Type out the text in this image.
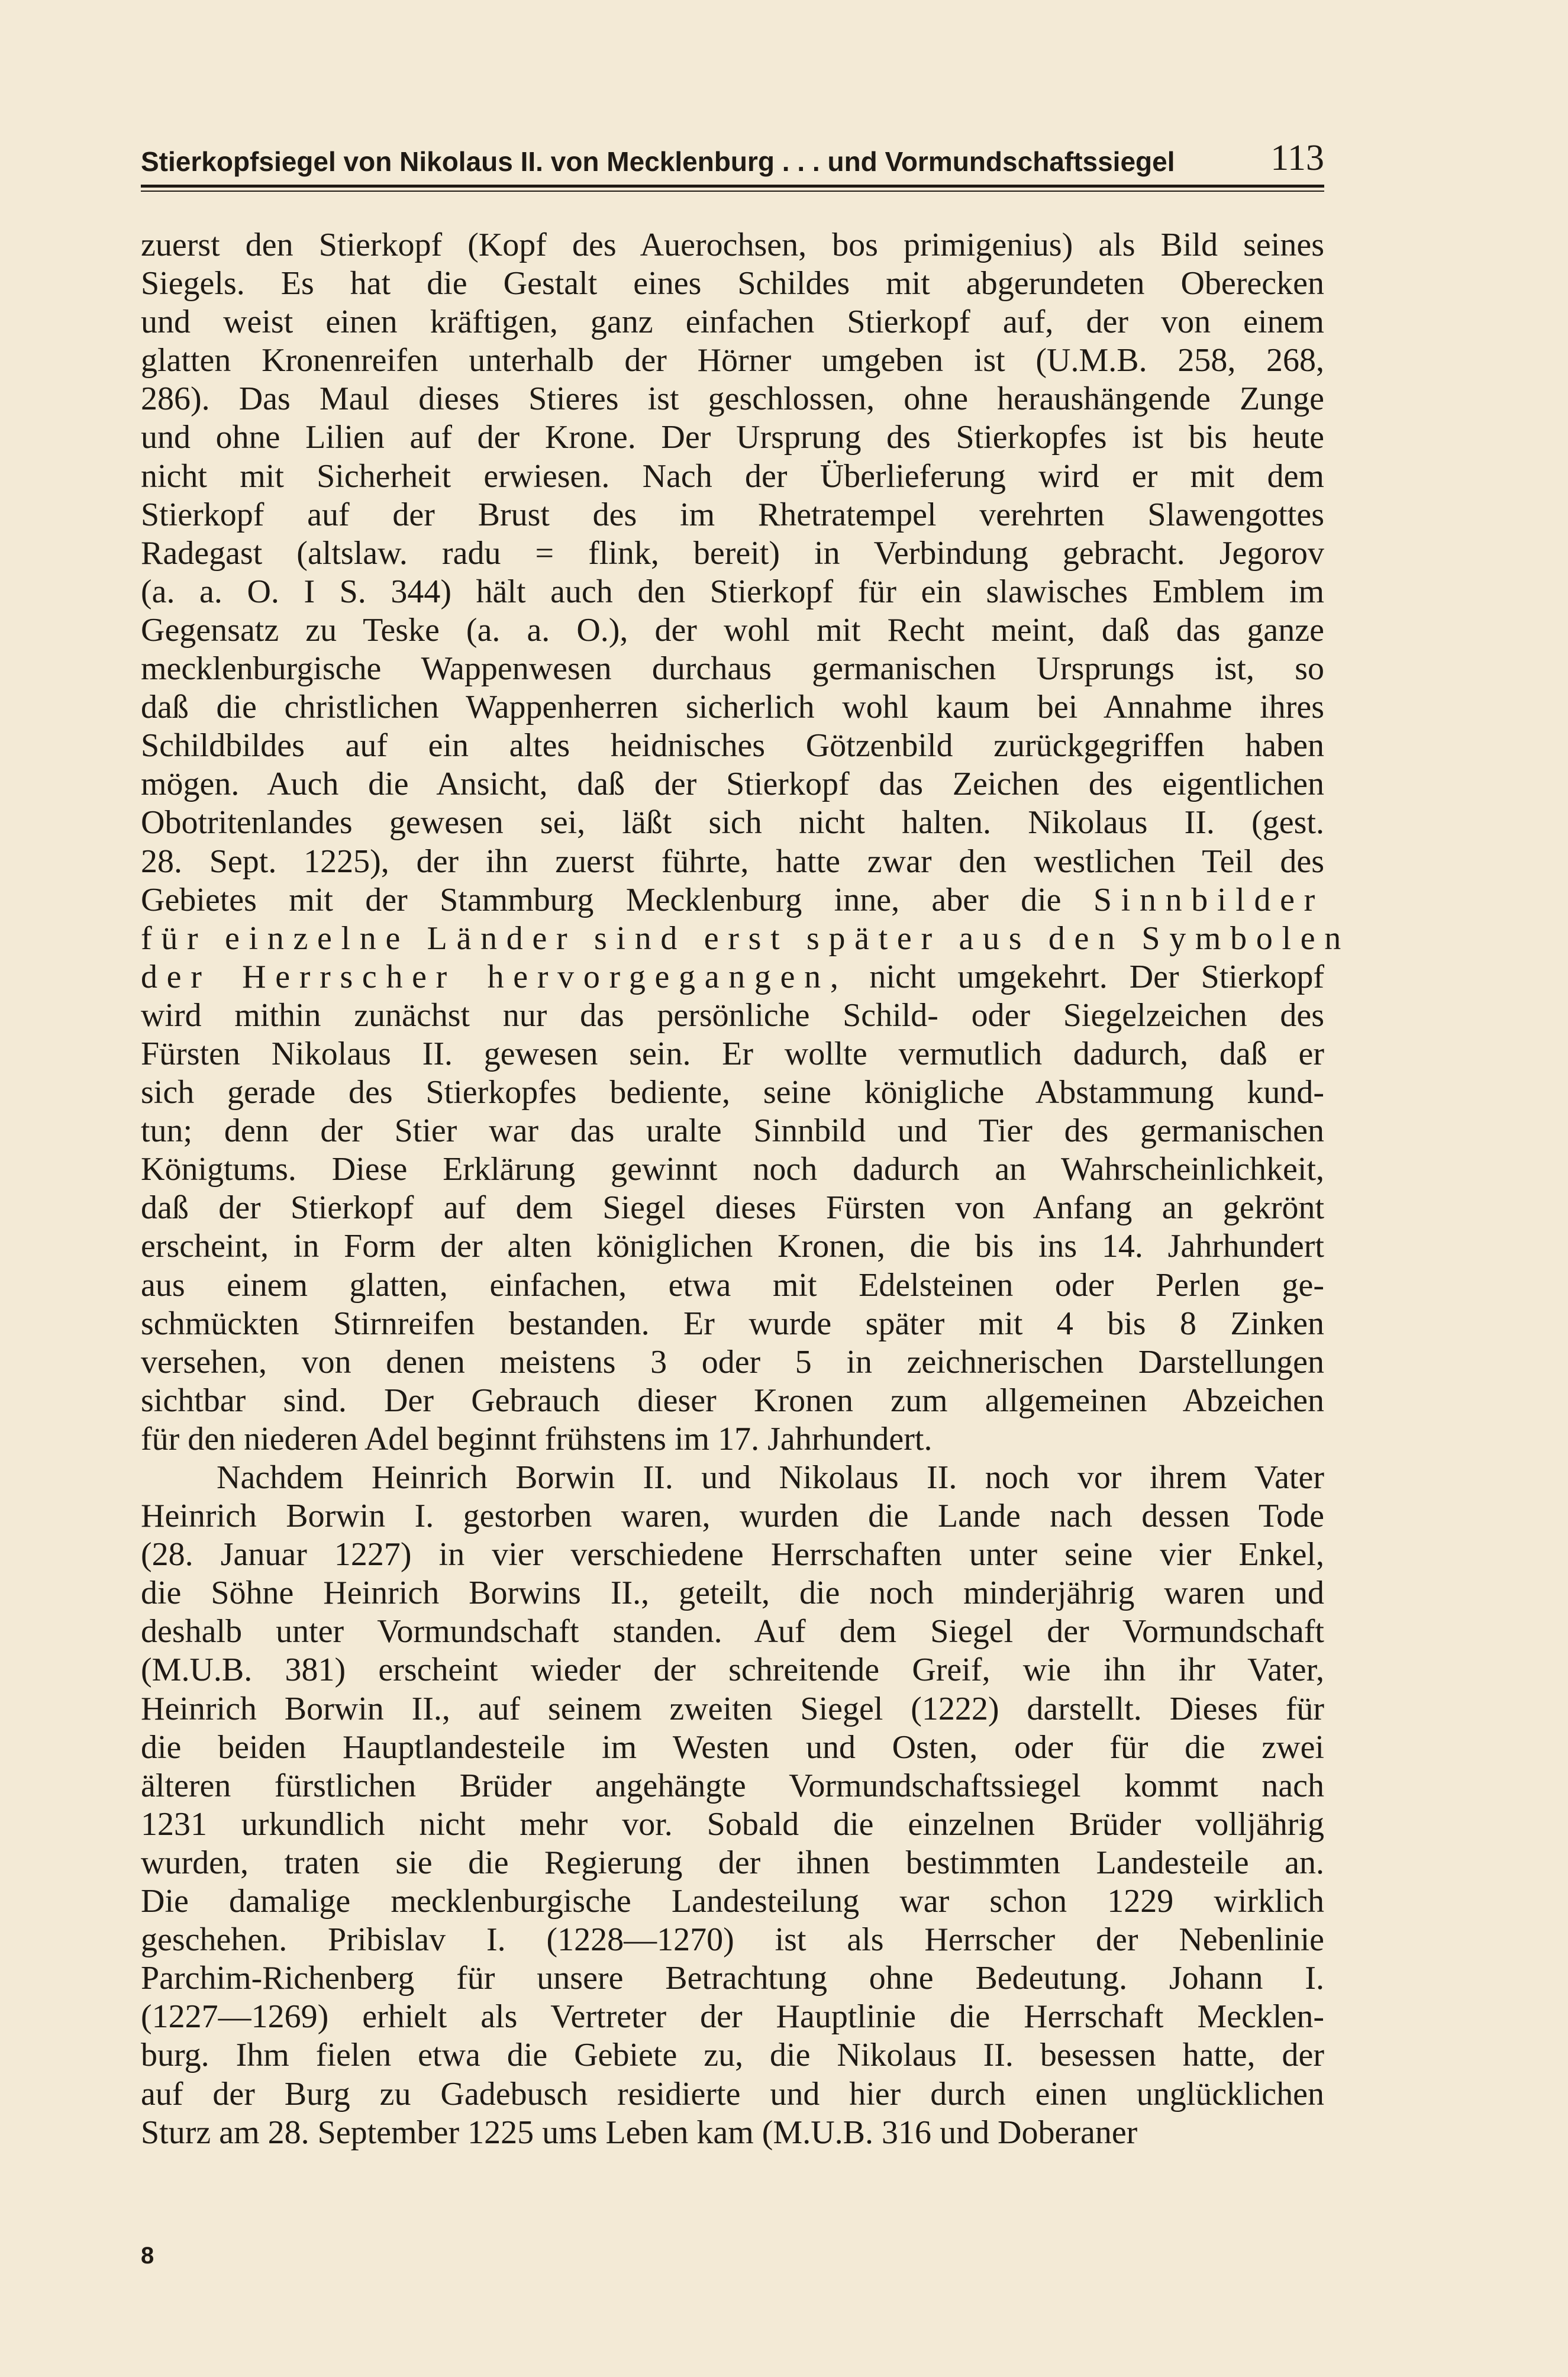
Stierkopfsiegel von Nikolaus II. von Mecklenburg . . . und Vormundschaftssiegel	113
zuerst den Stierkopf (Kopf des Auerochsen, bos primigenius) als Bild seines
Siegels. Es hat die Gestalt eines Schildes mit abgerundeten Oberecken
und weist einen kräftigen, ganz einfachen Stierkopf auf, der von einem
glatten Kronenreifen unterhalb der Hörner umgeben ist (U.M.B. 258, 268,
286). Das Maul dieses Stieres ist geschlossen, ohne heraushängende Zunge
und ohne Lilien auf der Krone. Der Ursprung des Stierkopfes ist bis heute
nicht mit Sicherheit erwiesen. Nach der Überlieferung wird er mit dem
Stierkopf auf der Brust des im Rhetratempel verehrten Slawengottes
Radegast (altslaw. radu = flink, bereit) in Verbindung gebracht. Jegorov
(a. a. O. I S. 344) hält auch den Stierkopf für ein slawisches Emblem im
Gegensatz zu Teske (a. a. O.), der wohl mit Recht meint, daß das ganze
mecklenburgische Wappenwesen durchaus germanischen Ursprungs ist, so
daß die christlichen Wappenherren sicherlich wohl kaum bei Annahme ihres
Schildbildes auf ein altes heidnisches Götzenbild zurückgegriffen haben
mögen. Auch die Ansicht, daß der Stierkopf das Zeichen des eigentlichen
Obotritenlandes gewesen sei, läßt sich nicht halten. Nikolaus II. (gest.
28. Sept. 1225), der ihn zuerst führte, hatte zwar den westlichen Teil des
Gebietes mit der Stammburg Mecklenburg inne, aber die Sinnbilder
für einzelne Länder sind erst später aus den Symbolen
der Herrscher hervorgegangen, nicht umgekehrt. Der Stierkopf
wird mithin zunächst nur das persönliche Schild- oder Siegelzeichen des
Fürsten Nikolaus II. gewesen sein. Er wollte vermutlich dadurch, daß er
sich gerade des Stierkopfes bediente, seine königliche Abstammung kund-
tun; denn der Stier war das uralte Sinnbild und Tier des germanischen
Königtums. Diese Erklärung gewinnt noch dadurch an Wahrscheinlichkeit,
daß der Stierkopf auf dem Siegel dieses Fürsten von Anfang an gekrönt
erscheint, in Form der alten königlichen Kronen, die bis ins 14. Jahrhundert
aus einem glatten, einfachen, etwa mit Edelsteinen oder Perlen ge-
schmückten Stirnreifen bestanden. Er wurde später mit 4 bis 8 Zinken
versehen, von denen meistens 3 oder 5 in zeichnerischen Darstellungen
sichtbar sind. Der Gebrauch dieser Kronen zum allgemeinen Abzeichen
für den niederen Adel beginnt frühstens im 17. Jahrhundert.
Nachdem Heinrich Borwin II. und Nikolaus II. noch vor ihrem Vater
Heinrich Borwin I. gestorben waren, wurden die Lande nach dessen Tode
(28. Januar 1227) in vier verschiedene Herrschaften unter seine vier Enkel,
die Söhne Heinrich Borwins II., geteilt, die noch minderjährig waren und
deshalb unter Vormundschaft standen. Auf dem Siegel der Vormundschaft
(M.U.B. 381) erscheint wieder der schreitende Greif, wie ihn ihr Vater,
Heinrich Borwin II., auf seinem zweiten Siegel (1222) darstellt. Dieses für
die beiden Hauptlandesteile im Westen und Osten, oder für die zwei
älteren fürstlichen Brüder angehängte Vormundschaftssiegel kommt nach
1231 urkundlich nicht mehr vor. Sobald die einzelnen Brüder volljährig
wurden, traten sie die Regierung der ihnen bestimmten Landesteile an.
Die damalige mecklenburgische Landesteilung war schon 1229 wirklich
geschehen. Pribislav I. (1228—1270) ist als Herrscher der Nebenlinie
Parchim-Richenberg für unsere Betrachtung ohne Bedeutung. Johann I.
(1227—1269) erhielt als Vertreter der Hauptlinie die Herrschaft Mecklen-
burg. Ihm fielen etwa die Gebiete zu, die Nikolaus II. besessen hatte, der
auf der Burg zu Gadebusch residierte und hier durch einen unglücklichen
Sturz am 28. September 1225 ums Leben kam (M.U.B. 316 und Doberaner
8
